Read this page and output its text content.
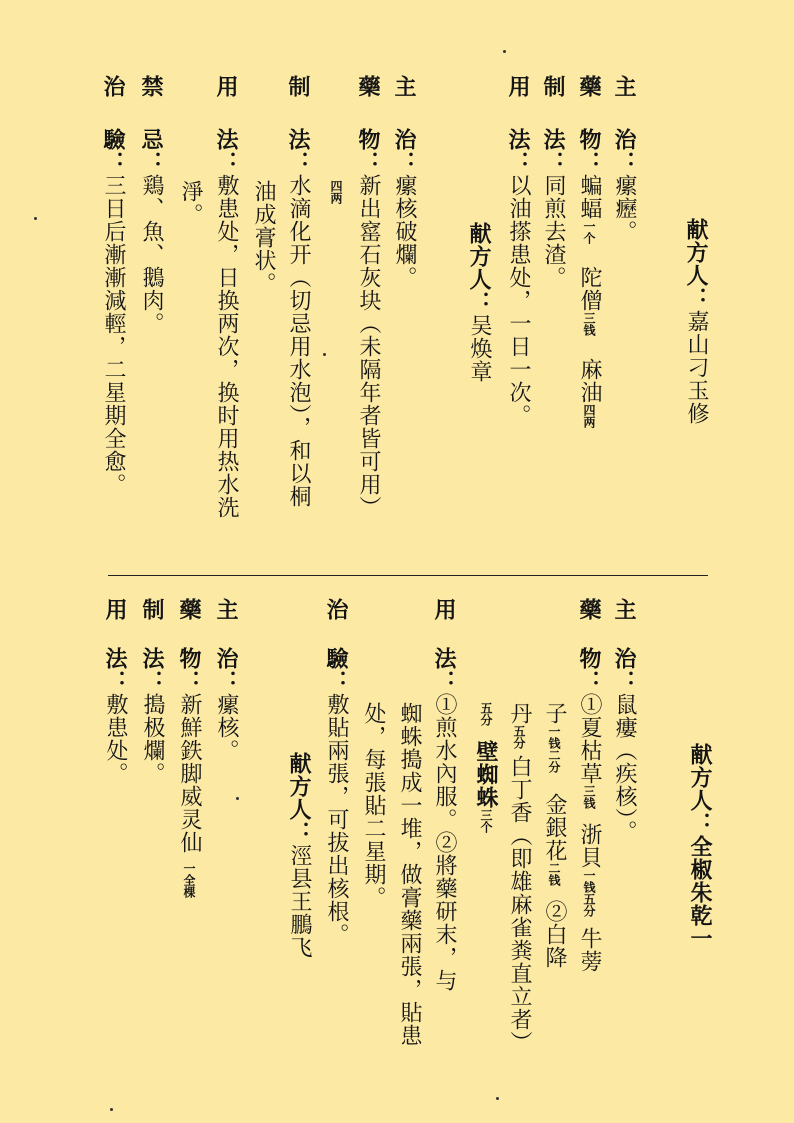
献方人：嘉山刁玉修
主治：瘰癧。
藥物：蝙蝠一个陀僧三钱麻油四两
制法：同煎去渣。
用法：以油搽患处，一日一次。
献方人：吴焕章
主治：瘰核破爛。
藥物：新出窰石灰块（未隔年者皆可用）
四两
制法：水滴化开（切忌用水泡），和以桐
油成膏状。
用法：敷患处，日换两次，换时用热水洗
淨。
禁忌：鶏、魚、鵝肉。
治驗：三日后漸漸減輕，二星期全愈。
献方人：全椒朱乾一
主治：鼠瘻（疾核）。
藥物：①夏枯草三钱浙貝一钱五分牛蒡
子一钱二分金銀花二钱②白降
丹五分白丁香（即雄麻雀粪直立者）
五分壁蜘蛛三个
用法：①煎水內服。②將藥研末，与
蜘蛛搗成一堆，做膏藥兩張，貼患
处，每張貼二星期。
治驗：敷貼兩張，可拔出核根。
献方人：涇县王鵬飞
主治：瘰核。
藥物：新鮮鉄脚威灵仙一全棵
制法：搗极爛。
用法：敷患处。
